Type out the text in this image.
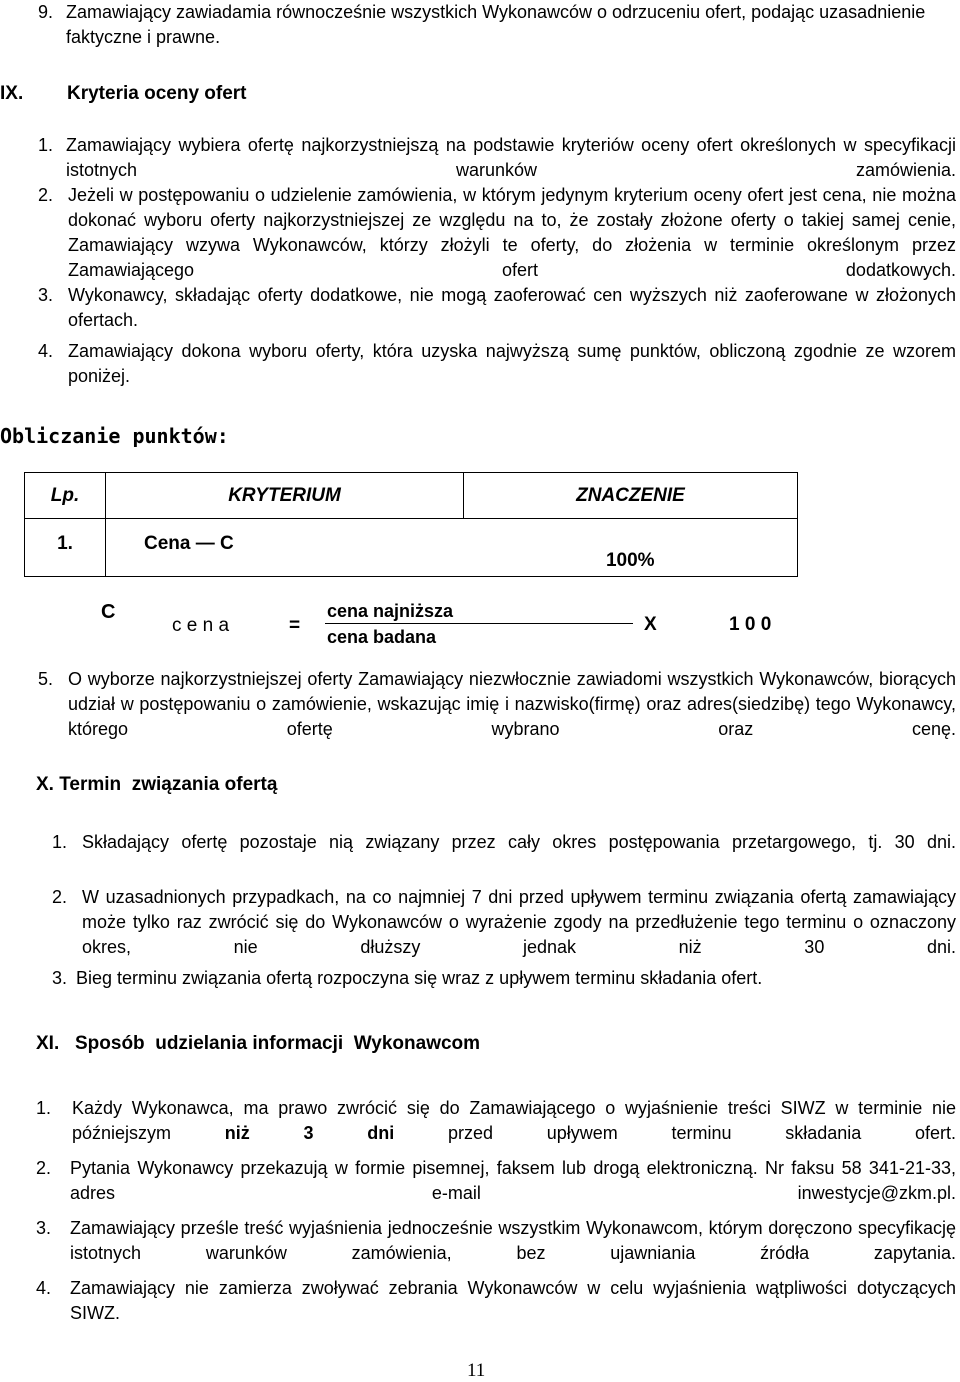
9. Zamawiający zawiadamia równocześnie wszystkich Wykonawców o odrzuceniu ofert, podając uzasadnienie faktyczne i prawne.
IX. Kryteria oceny ofert
1. Zamawiający wybiera ofertę najkorzystniejszą na podstawie kryteriów oceny ofert określonych w specyfikacji istotnych warunków zamówienia.
2. Jeżeli w postępowaniu o udzielenie zamówienia, w którym jedynym kryterium oceny ofert jest cena, nie można dokonać wyboru oferty najkorzystniejszej ze względu na to, że zostały złożone oferty o takiej samej cenie, Zamawiający wzywa Wykonawców, którzy złożyli te oferty, do złożenia w terminie określonym przez Zamawiającego ofert dodatkowych.
3. Wykonawcy, składając oferty dodatkowe, nie mogą zaoferować cen wyższych niż zaoferowane w złożonych ofertach.
4. Zamawiający dokona wyboru oferty, która uzyska najwyższą sumę punktów, obliczoną zgodnie ze wzorem poniżej.
Obliczanie punktów:
Lp.	KRYTERIUM	ZNACZENIE
1.	Cena — C	100%
C
c e n a	=
cena najniższa
cena badana
X	1 0 0
5. O wyborze najkorzystniejszej oferty Zamawiający niezwłocznie zawiadomi wszystkich Wykonawców, biorących udział w postępowaniu o zamówienie, wskazując imię i nazwisko(firmę) oraz adres(siedzibę) tego Wykonawcy, którego ofertę wybrano oraz cenę.
X. Termin  związania ofertą
1. Składający ofertę pozostaje nią związany przez cały okres postępowania przetargowego, tj. 30 dni.
2. W uzasadnionych przypadkach, na co najmniej 7 dni przed upływem terminu związania ofertą zamawiający może tylko raz zwrócić się do Wykonawców o wyrażenie zgody na przedłużenie tego terminu o oznaczony okres, nie dłuższy jednak niż 30 dni.
3. Bieg terminu związania ofertą rozpoczyna się wraz z upływem terminu składania ofert.
XI. Sposób  udzielania informacji  Wykonawcom
1. Każdy Wykonawca, ma prawo zwrócić się do Zamawiającego o wyjaśnienie treści SIWZ w terminie nie późniejszym	niż 3 dni	przed upływem terminu składania ofert.
2. Pytania Wykonawcy przekazują w formie pisemnej, faksem lub drogą elektroniczną. Nr faksu 58 341-21-33, adres e-mail inwestycje@zkm.pl.
3. Zamawiający prześle treść wyjaśnienia jednocześnie wszystkim Wykonawcom, którym doręczono specyfikację istotnych warunków zamówienia, bez ujawniania źródła zapytania.
4. Zamawiający nie zamierza zwoływać zebrania Wykonawców w celu wyjaśnienia wątpliwości dotyczących SIWZ.
11
